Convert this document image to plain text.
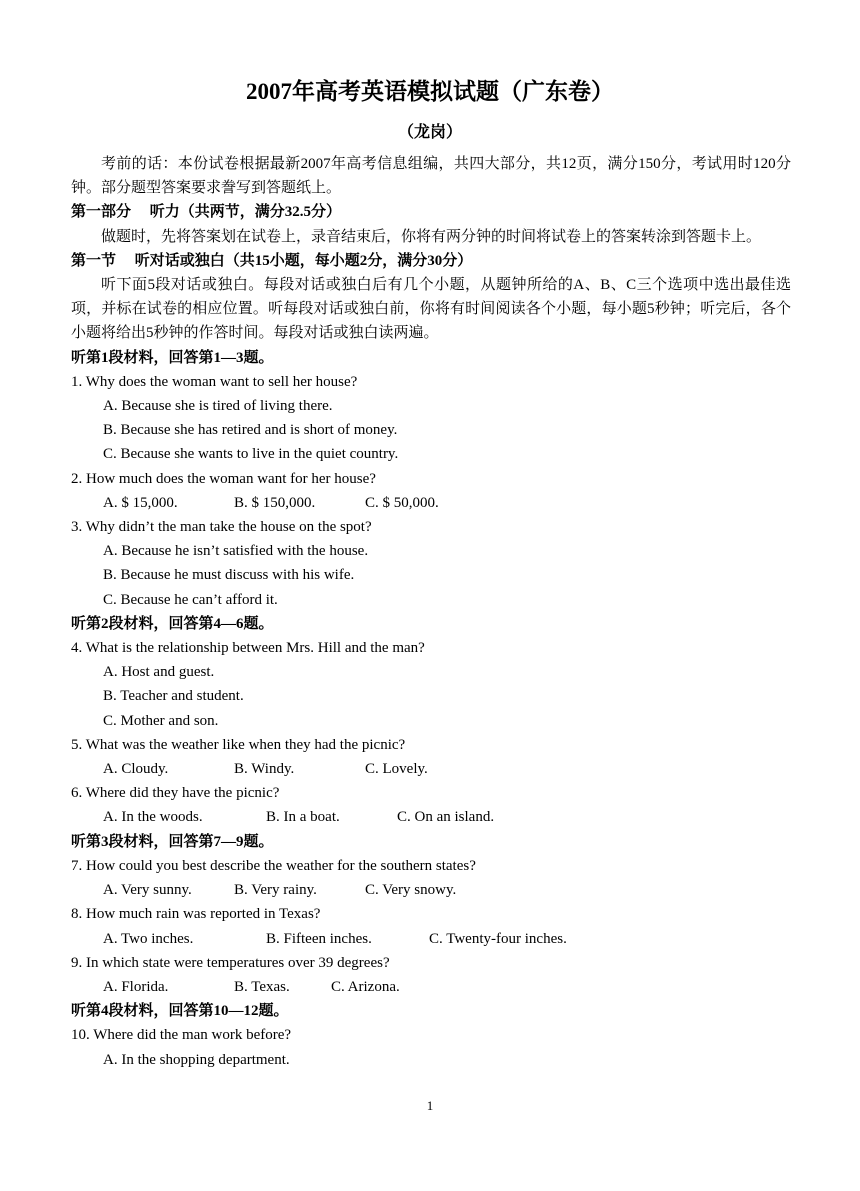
2007年高考英语模拟试题（广东卷）
（龙岗）

考前的话：本份试卷根据最新2007年高考信息组编，共四大部分，共12页，满分150分，考试用时120分钟。部分题型答案要求誊写到答题纸上。

第一部分　 听力（共两节，满分32.5分）

做题时，先将答案划在试卷上，录音结束后，你将有两分钟的时间将试卷上的答案转涂到答题卡上。

第一节　 听对话或独白（共15小题，每小题2分，满分30分）

听下面5段对话或独白。每段对话或独白后有几个小题，从题钟所给的A、B、C三个选项中选出最佳选项，并标在试卷的相应位置。听每段对话或独白前，你将有时间阅读各个小题，每小题5秒钟；听完后，各个小题将给出5秒钟的作答时间。每段对话或独白读两遍。

听第1段材料，回答第1—3题。

1. Why does the woman want to sell her house?

A. Because she is tired of living there.

B. Because she has retired and is short of money.

C. Because she wants to live in the quiet country.

2. How much does the woman want for her house?

A. $ 15,000.	B. $ 150,000.	C. $ 50,000.

3. Why didn’t the man take the house on the spot?

A. Because he isn’t satisfied with the house.

B. Because he must discuss with his wife.

C. Because he can’t afford it.

听第2段材料，回答第4—6题。

4. What is the relationship between Mrs. Hill and the man?

A. Host and guest.

B. Teacher and student.

C. Mother and son.

5. What was the weather like when they had the picnic?

A. Cloudy.	B. Windy.	C. Lovely.

6. Where did they have the picnic?

A. In the woods.	B. In a boat.	C. On an island.

听第3段材料，回答第7—9题。

7. How could you best describe the weather for the southern states?

A. Very sunny.	B. Very rainy.	C. Very snowy.

8. How much rain was reported in Texas?

A. Two inches.	B. Fifteen inches.	C. Twenty-four inches.

9. In which state were temperatures over 39 degrees?

A. Florida.	B. Texas.	C. Arizona.

听第4段材料，回答第10—12题。

10. Where did the man work before?

A. In the shopping department.

1
